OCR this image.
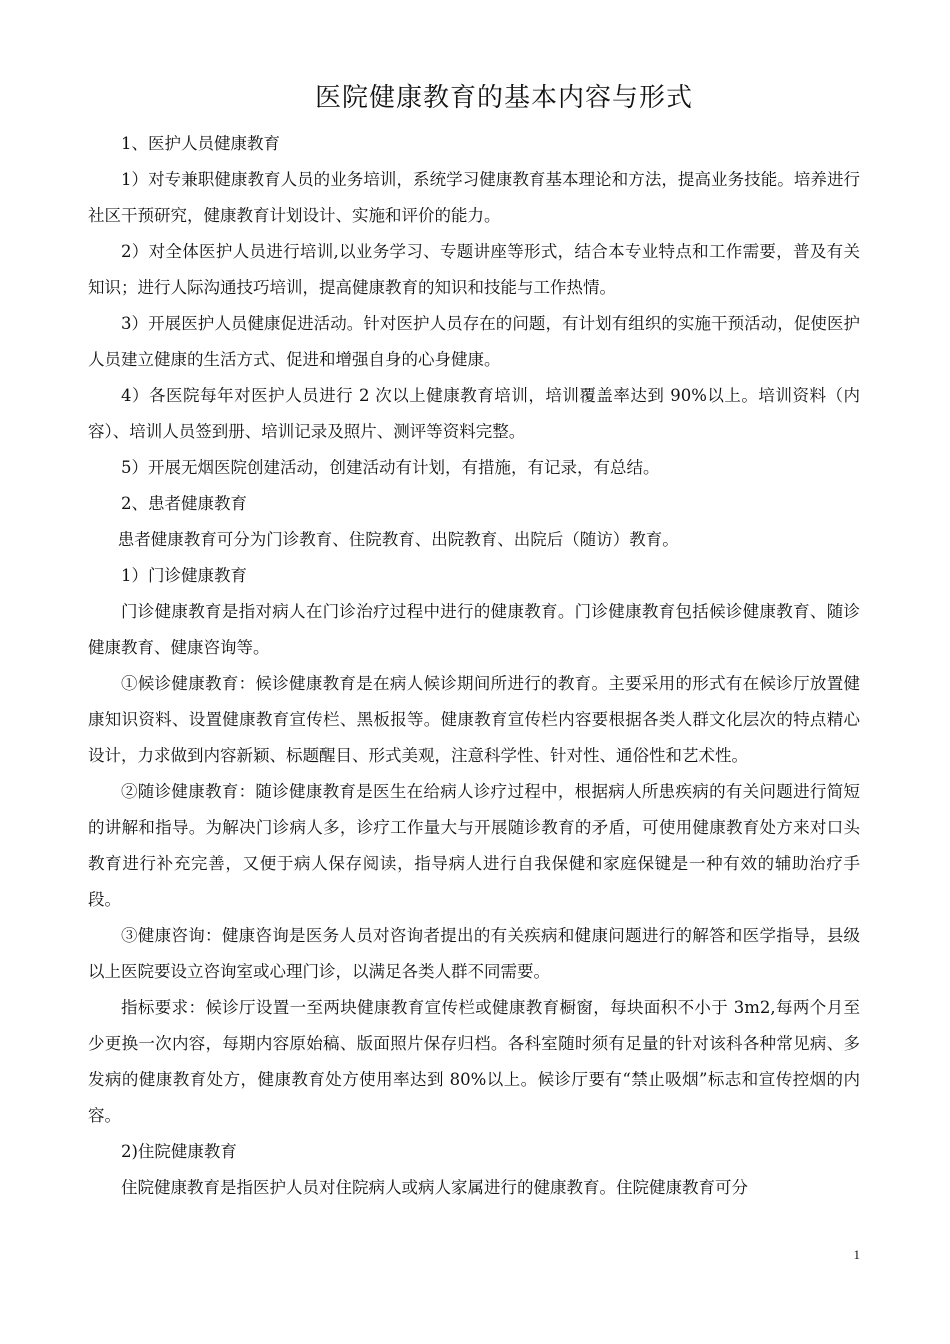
医院健康教育的基本内容与形式

1、医护人员健康教育

1）对专兼职健康教育人员的业务培训，系统学习健康教育基本理论和方法，提高业务技能。培养进行社区干预研究，健康教育计划设计、实施和评价的能力。

2）对全体医护人员进行培训,以业务学习、专题讲座等形式，结合本专业特点和工作需要，普及有关知识；进行人际沟通技巧培训，提高健康教育的知识和技能与工作热情。

3）开展医护人员健康促进活动。针对医护人员存在的问题，有计划有组织的实施干预活动，促使医护人员建立健康的生活方式、促进和增强自身的心身健康。

4）各医院每年对医护人员进行 2 次以上健康教育培训，培训覆盖率达到 90%以上。培训资料（内容）、培训人员签到册、培训记录及照片、测评等资料完整。

5）开展无烟医院创建活动，创建活动有计划，有措施，有记录，有总结。

2、患者健康教育

患者健康教育可分为门诊教育、住院教育、出院教育、出院后（随访）教育。

1）门诊健康教育

门诊健康教育是指对病人在门诊治疗过程中进行的健康教育。门诊健康教育包括候诊健康教育、随诊健康教育、健康咨询等。

①候诊健康教育：候诊健康教育是在病人候诊期间所进行的教育。主要采用的形式有在候诊厅放置健康知识资料、设置健康教育宣传栏、黑板报等。健康教育宣传栏内容要根据各类人群文化层次的特点精心设计，力求做到内容新颖、标题醒目、形式美观，注意科学性、针对性、通俗性和艺术性。

②随诊健康教育：随诊健康教育是医生在给病人诊疗过程中，根据病人所患疾病的有关问题进行简短的讲解和指导。为解决门诊病人多，诊疗工作量大与开展随诊教育的矛盾，可使用健康教育处方来对口头教育进行补充完善，又便于病人保存阅读，指导病人进行自我保健和家庭保键是一种有效的辅助治疗手段。

③健康咨询：健康咨询是医务人员对咨询者提出的有关疾病和健康问题进行的解答和医学指导，县级以上医院要设立咨询室或心理门诊，以满足各类人群不同需要。

指标要求：候诊厅设置一至两块健康教育宣传栏或健康教育橱窗，每块面积不小于 3m2,每两个月至少更换一次内容，每期内容原始稿、版面照片保存归档。各科室随时须有足量的针对该科各种常见病、多发病的健康教育处方，健康教育处方使用率达到 80%以上。候诊厅要有“禁止吸烟”标志和宣传控烟的内容。

2)住院健康教育

住院健康教育是指医护人员对住院病人或病人家属进行的健康教育。住院健康教育可分

1
